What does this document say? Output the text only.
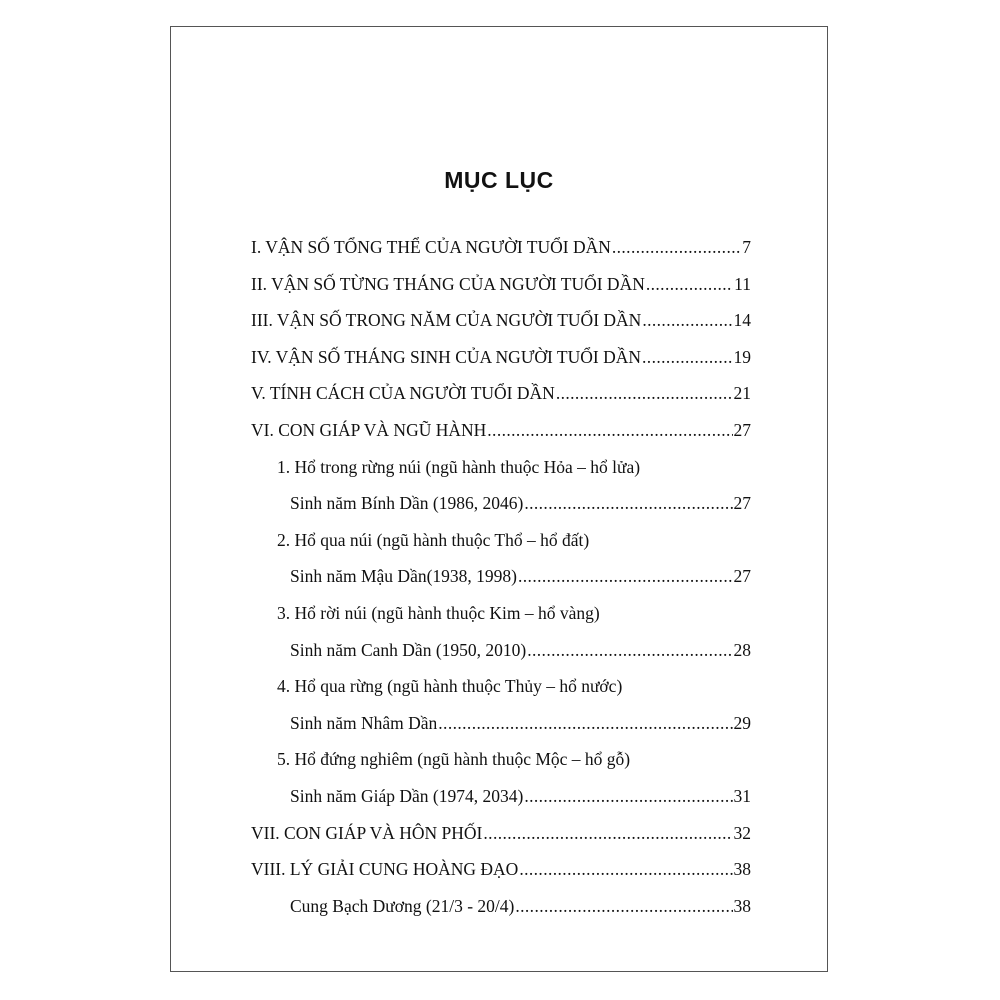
MỤC LỤC
I. VẬN SỐ TỔNG THỂ CỦA NGƯỜI TUỔI DẦN .....	7
II. VẬN SỐ TỪNG THÁNG CỦA NGƯỜI TUỔI DẦN .....	11
III. VẬN SỐ TRONG NĂM CỦA NGƯỜI TUỔI DẦN .....	14
IV. VẬN SỐ THÁNG SINH CỦA NGƯỜI TUỔI DẦN .....	19
V. TÍNH CÁCH CỦA NGƯỜI TUỔI DẦN .....	21
VI. CON GIÁP VÀ NGŨ HÀNH .....	27
1. Hổ trong rừng núi (ngũ hành thuộc Hỏa – hổ lửa)
Sinh năm Bính Dần (1986, 2046) .....	27
2. Hổ qua núi (ngũ hành thuộc Thổ – hổ đất)
Sinh năm Mậu Dần(1938, 1998) .....	27
3. Hổ rời núi (ngũ hành thuộc Kim – hổ vàng)
Sinh năm Canh Dần (1950, 2010) .....	28
4. Hổ qua rừng (ngũ hành thuộc Thủy – hổ nước)
Sinh năm Nhâm Dần .....	29
5. Hổ đứng nghiêm (ngũ hành thuộc Mộc – hổ gỗ)
Sinh năm Giáp Dần (1974, 2034) .....	31
VII. CON GIÁP VÀ HÔN PHỐI .....	32
VIII. LÝ GIẢI CUNG HOÀNG ĐẠO .....	38
Cung Bạch Dương (21/3 - 20/4) .....	38
